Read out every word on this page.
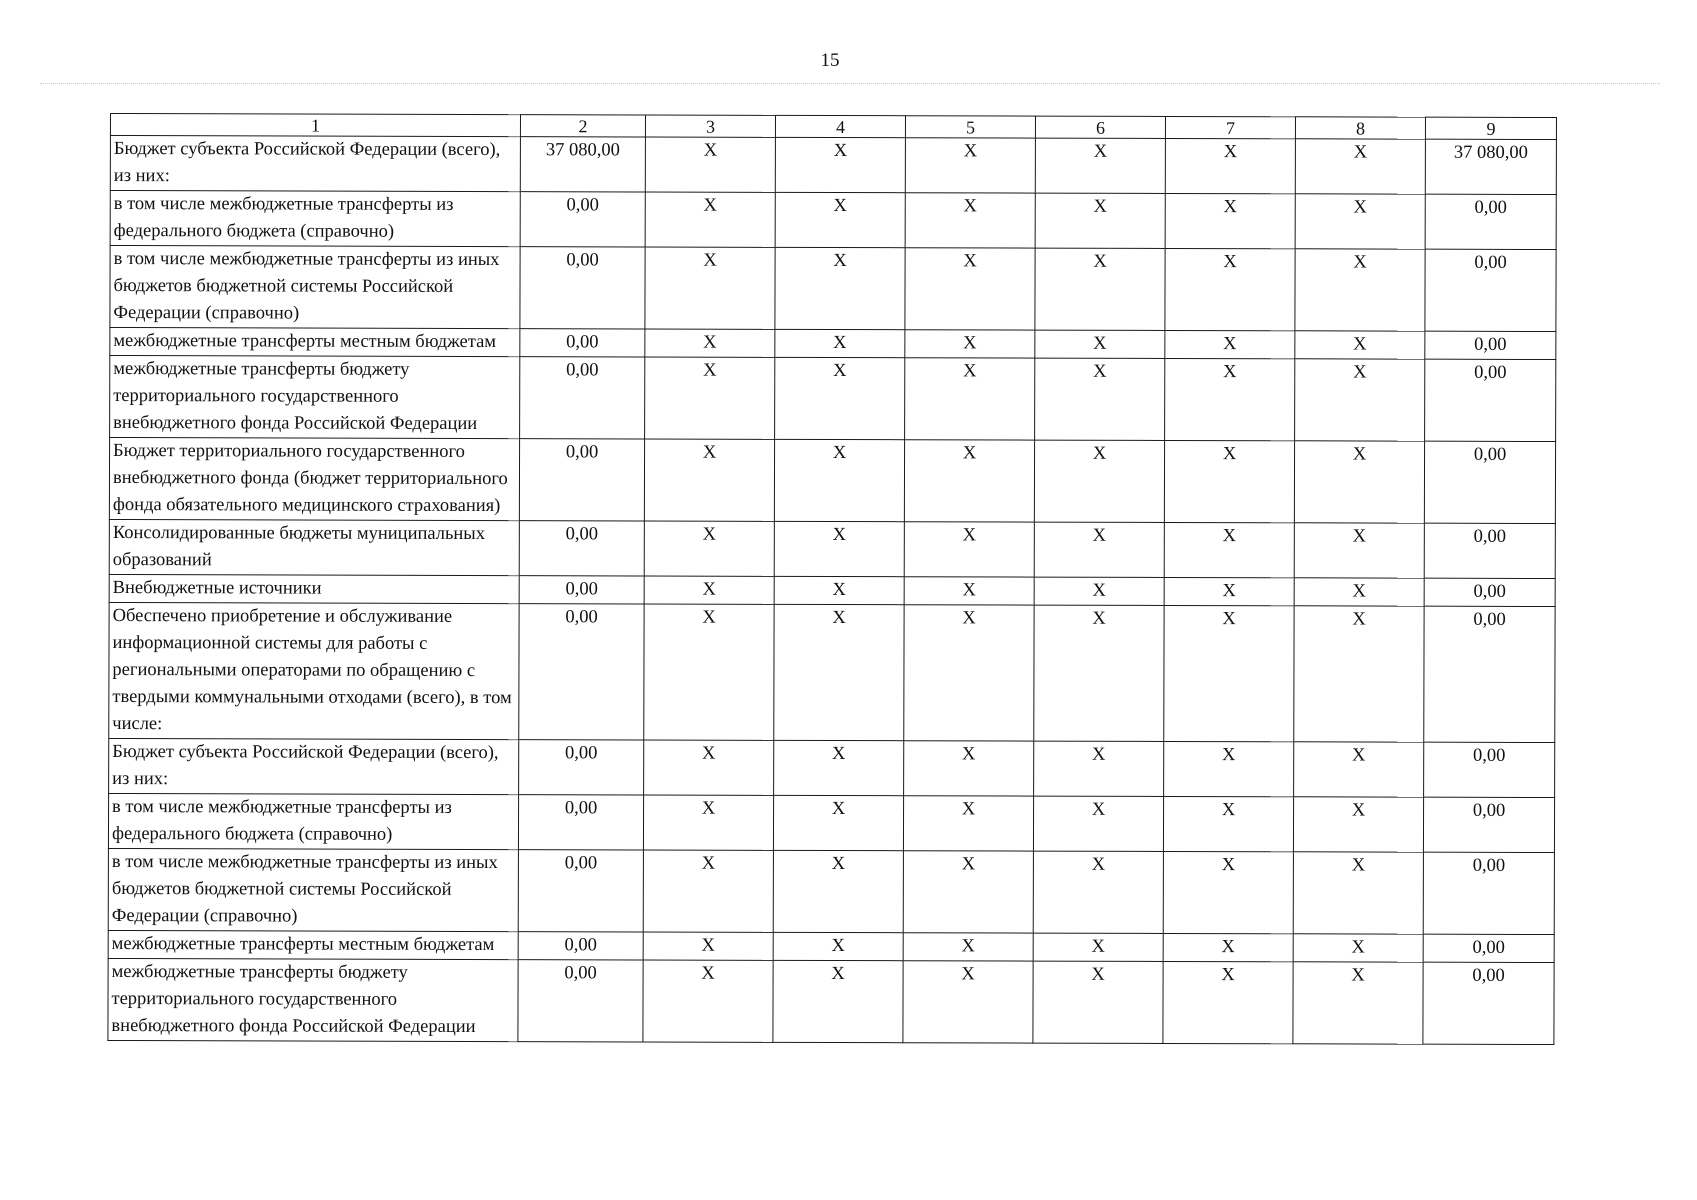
15
1	2	3	4	5	6	7	8	9
Бюджет субъекта Российской Федерации (всего), из них:	37 080,00	X	X	X	X	X	X	37 080,00
в том числе межбюджетные трансферты из федерального бюджета (справочно)	0,00	X	X	X	X	X	X	0,00
в том числе межбюджетные трансферты из иных бюджетов бюджетной системы Российской Федерации (справочно)	0,00	X	X	X	X	X	X	0,00
межбюджетные трансферты местным бюджетам	0,00	X	X	X	X	X	X	0,00
межбюджетные трансферты бюджету территориального государственного внебюджетного фонда Российской Федерации	0,00	X	X	X	X	X	X	0,00
Бюджет территориального государственного внебюджетного фонда (бюджет территориального фонда обязательного медицинского страхования)	0,00	X	X	X	X	X	X	0,00
Консолидированные бюджеты муниципальных образований	0,00	X	X	X	X	X	X	0,00
Внебюджетные источники	0,00	X	X	X	X	X	X	0,00
Обеспечено приобретение и обслуживание информационной системы для работы с региональными операторами по обращению с твердыми коммунальными отходами (всего), в том числе:	0,00	X	X	X	X	X	X	0,00
Бюджет субъекта Российской Федерации (всего), из них:	0,00	X	X	X	X	X	X	0,00
в том числе межбюджетные трансферты из федерального бюджета (справочно)	0,00	X	X	X	X	X	X	0,00
в том числе межбюджетные трансферты из иных бюджетов бюджетной системы Российской Федерации (справочно)	0,00	X	X	X	X	X	X	0,00
межбюджетные трансферты местным бюджетам	0,00	X	X	X	X	X	X	0,00
межбюджетные трансферты бюджету территориального государственного внебюджетного фонда Российской Федерации	0,00	X	X	X	X	X	X	0,00
